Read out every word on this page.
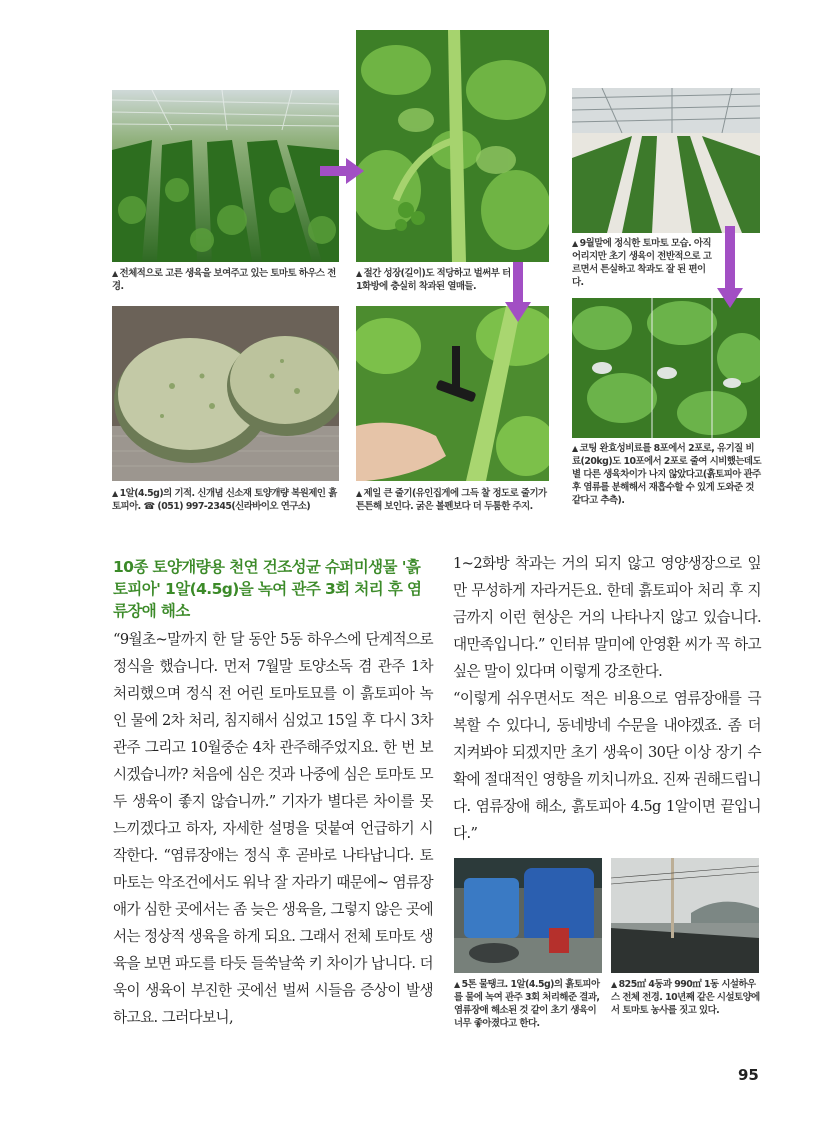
▲ 전체적으로 고른 생육을 보여주고 있는 토마토 하우스 전경.
▲ 절간 성장(길이)도 적당하고 벌써부 터 1화방에 충실히 착과된 열매들.
▲ 9월말에 정식한 토마토 모습. 아직 어리지만 초기 생육이 전반적으로 고르면서 튼실하고 착과도 잘 된 편이다.
▲ 1알(4.5g)의 기적. 신개념 신소재 토양개량 복원제인 흙토피아. ☎ (051) 997-2345(신라바이오 연구소)
▲ 제일 큰 줄기(유인집게에 그득 찰 정도로 줄기가 튼튼해 보인다. 굵은 볼펜보다 더 두툼한 주지.
▲ 코팅 완효성비료를 8포에서 2포로, 유기질 비료(20kg)도 10포에서 2포로 줄여 시비했는데도 별 다른 생육차이가 나지 않았다고(흙토피아 관주 후 염류를 분해해서 재흡수할 수 있게 도와준 것 같다고 추측).
▲ 5톤 물탱크. 1알(4.5g)의 흙토피아를 물에 녹여 관주 3회 처리해준 결과, 염류장애 해소된 것 같이 초기 생육이 너무 좋아졌다고 한다.
▲ 825㎡ 4동과 990㎡ 1동 시설하우스 전체 전경. 10년째 같은 시설토양에서 토마토 농사를 짓고 있다.
10종 토양개량용 천연 건조성균 슈퍼미생물 '흙토피아' 1알(4.5g)을 녹여 관주 3회 처리 후 염류장애 해소
“9월초~말까지 한 달 동안 5동 하우스에 단계적으로 정식을 했습니다. 먼저 7월말 토양소독 겸 관주 1차 처리했으며 정식 전 어린 토마토묘를 이 흙토피아 녹인 물에 2차 처리, 침지해서 심었고 15일 후 다시 3차 관주 그리고 10월중순 4차 관주해주었지요. 한 번 보시겠습니까? 처음에 심은 것과 나중에 심은 토마토 모두 생육이 좋지 않습니까.” 기자가 별다른 차이를 못 느끼겠다고 하자, 자세한 설명을 덧붙여 언급하기 시작한다. “염류장애는 정식 후 곧바로 나타납니다. 토마토는 악조건에서도 워낙 잘 자라기 때문에~ 염류장애가 심한 곳에서는 좀 늦은 생육을, 그렇지 않은 곳에서는 정상적 생육을 하게 되요. 그래서 전체 토마토 생육을 보면 파도를 타듯 들쑥날쑥 키 차이가 납니다. 더욱이 생육이 부진한 곳에선 벌써 시들음 증상이 발생하고요. 그러다보니,
1~2화방 착과는 거의 되지 않고 영양생장으로 잎만 무성하게 자라거든요. 한데 흙토피아 처리 후 지금까지 이런 현상은 거의 나타나지 않고 있습니다. 대만족입니다.” 인터뷰 말미에 안영환 씨가 꼭 하고 싶은 말이 있다며 이렇게 강조한다.
“이렇게 쉬우면서도 적은 비용으로 염류장애를 극복할 수 있다니, 동네방네 수문을 내야겠죠. 좀 더 지켜봐야 되겠지만 초기 생육이 30단 이상 장기 수확에 절대적인 영향을 끼치니까요. 진짜 권해드립니다. 염류장애 해소, 흙토피아 4.5g 1알이면 끝입니다.”
95
